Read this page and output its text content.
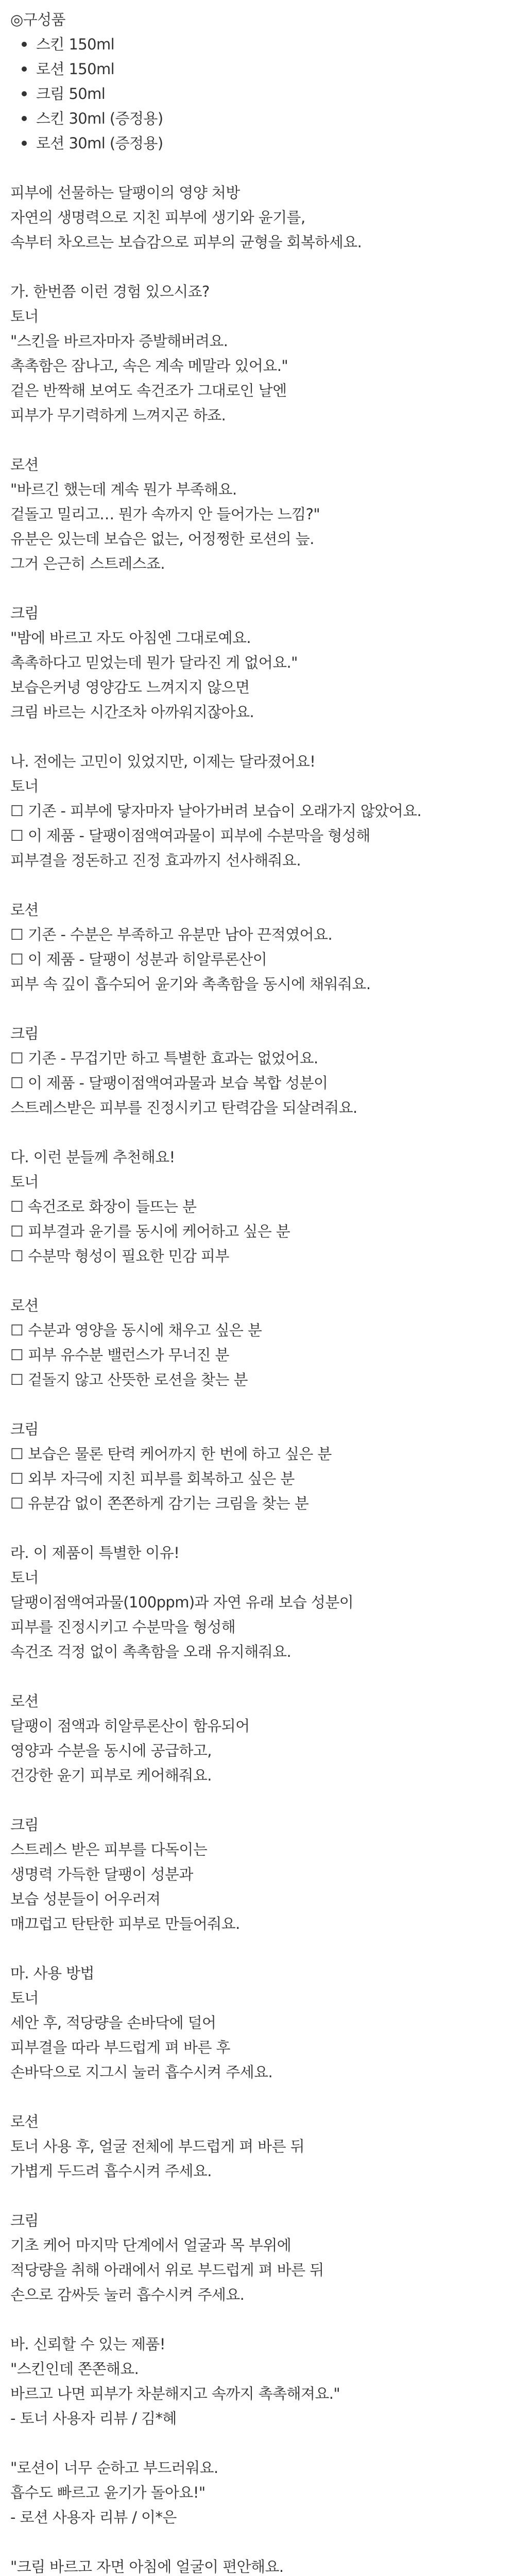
◎구성품
스킨 150ml
로션 150ml
크림 50ml
스킨 30ml (증정용)
로션 30ml (증정용)
피부에 선물하는 달팽이의 영양 처방
자연의 생명력으로 지친 피부에 생기와 윤기를,
속부터 차오르는 보습감으로 피부의 균형을 회복하세요.
가. 한번쯤 이런 경험 있으시죠?
토너
"스킨을 바르자마자 증발해버려요.
촉촉함은 잠나고, 속은 계속 메말라 있어요."
겉은 반짝해 보여도 속건조가 그대로인 날엔
피부가 무기력하게 느껴지곤 하죠.
로션
"바르긴 했는데 계속 뭔가 부족해요.
겉돌고 밀리고… 뭔가 속까지 안 들어가는 느낌?"
유분은 있는데 보습은 없는, 어정쩡한 로션의 늪.
그거 은근히 스트레스죠.
크림
"밤에 바르고 자도 아침엔 그대로예요.
촉촉하다고 믿었는데 뭔가 달라진 게 없어요."
보습은커녕 영양감도 느껴지지 않으면
크림 바르는 시간조차 아까워지잖아요.
나. 전에는 고민이 있었지만, 이제는 달라졌어요!
토너
☐ 기존 - 피부에 닿자마자 날아가버려 보습이 오래가지 않았어요.
☐ 이 제품 - 달팽이점액여과물이 피부에 수분막을 형성해
피부결을 정돈하고 진정 효과까지 선사해줘요.
로션
☐ 기존 - 수분은 부족하고 유분만 남아 끈적였어요.
☐ 이 제품 - 달팽이 성분과 히알루론산이
피부 속 깊이 흡수되어 윤기와 촉촉함을 동시에 채워줘요.
크림
☐ 기존 - 무겁기만 하고 특별한 효과는 없었어요.
☐ 이 제품 - 달팽이점액여과물과 보습 복합 성분이
스트레스받은 피부를 진정시키고 탄력감을 되살려줘요.
다. 이런 분들께 추천해요!
토너
☐ 속건조로 화장이 들뜨는 분
☐ 피부결과 윤기를 동시에 케어하고 싶은 분
☐ 수분막 형성이 필요한 민감 피부
로션
☐ 수분과 영양을 동시에 채우고 싶은 분
☐ 피부 유수분 밸런스가 무너진 분
☐ 겉돌지 않고 산뜻한 로션을 찾는 분
크림
☐ 보습은 물론 탄력 케어까지 한 번에 하고 싶은 분
☐ 외부 자극에 지친 피부를 회복하고 싶은 분
☐ 유분감 없이 쫀쫀하게 감기는 크림을 찾는 분
라. 이 제품이 특별한 이유!
토너
달팽이점액여과물(100ppm)과 자연 유래 보습 성분이
피부를 진정시키고 수분막을 형성해
속건조 걱정 없이 촉촉함을 오래 유지해줘요.
로션
달팽이 점액과 히알루론산이 함유되어
영양과 수분을 동시에 공급하고,
건강한 윤기 피부로 케어해줘요.
크림
스트레스 받은 피부를 다독이는
생명력 가득한 달팽이 성분과
보습 성분들이 어우러져
매끄럽고 탄탄한 피부로 만들어줘요.
마. 사용 방법
토너
세안 후, 적당량을 손바닥에 덜어
피부결을 따라 부드럽게 펴 바른 후
손바닥으로 지그시 눌러 흡수시켜 주세요.
로션
토너 사용 후, 얼굴 전체에 부드럽게 펴 바른 뒤
가볍게 두드려 흡수시켜 주세요.
크림
기초 케어 마지막 단계에서 얼굴과 목 부위에
적당량을 취해 아래에서 위로 부드럽게 펴 바른 뒤
손으로 감싸듯 눌러 흡수시켜 주세요.
바. 신뢰할 수 있는 제품!
"스킨인데 쫀쫀해요.
바르고 나면 피부가 차분해지고 속까지 촉촉해져요."
- 토너 사용자 리뷰 / 김*혜
"로션이 너무 순하고 부드러워요.
흡수도 빠르고 윤기가 돌아요!"
- 로션 사용자 리뷰 / 이*은
"크림 바르고 자면 아침에 얼굴이 편안해요.
